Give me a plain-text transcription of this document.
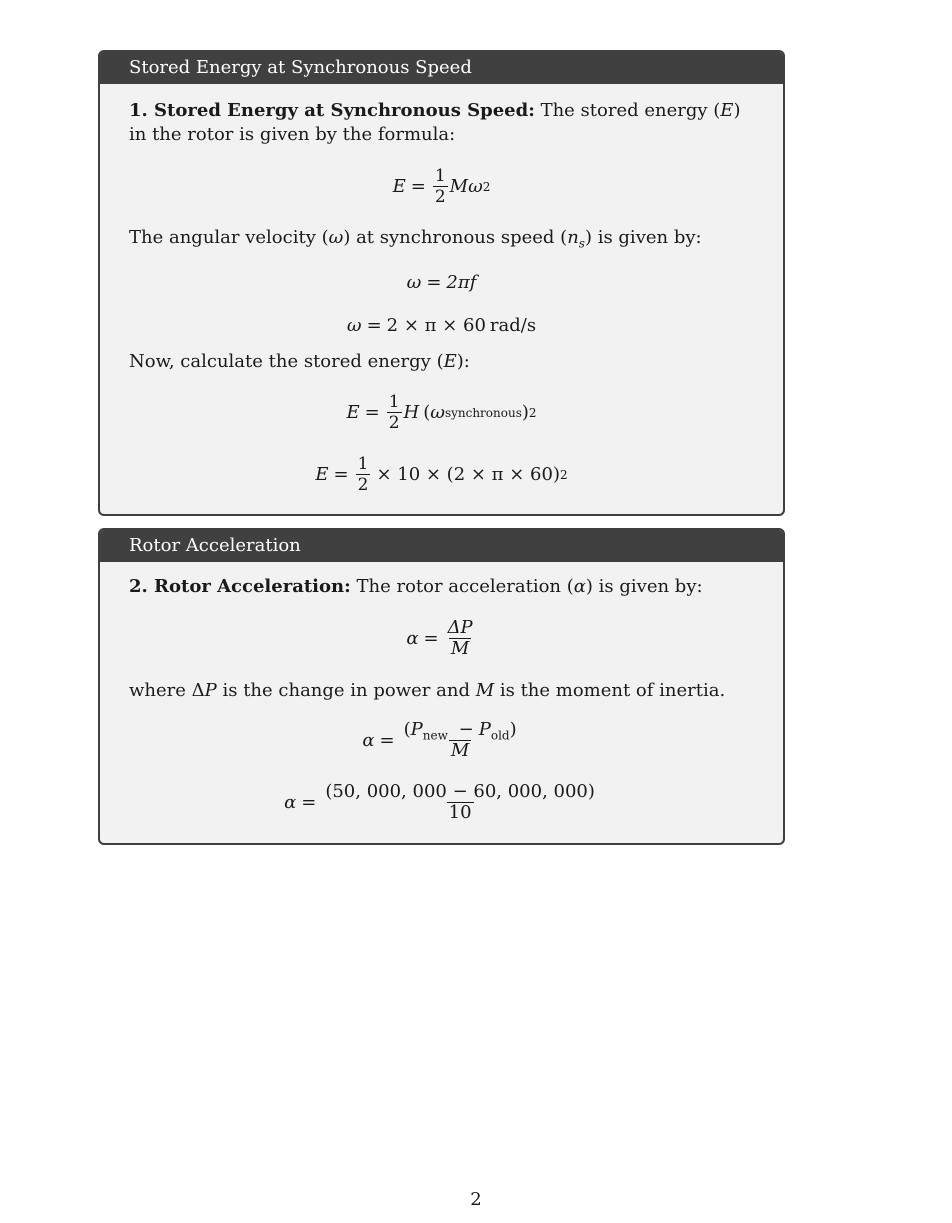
Stored Energy at Synchronous Speed

1. Stored Energy at Synchronous Speed: The stored energy (E)

in the rotor is given by the formula:

$E = \frac{1}{2}$ Mω 2

The angular velocity (ω) at synchronous speed $(n_s)$ is given by:

ω = 2πf
ω = 2 × π × 60 rad/s

Now, calculate the stored energy (E):

$E = \frac{1}{2}$ H ( ω synchronous ) 2
$E = \frac{1}{2} \times 10 \times (2 \times \pi \times 60)$ 2
Rotor Acceleration

2. Rotor Acceleration: The rotor acceleration (α) is given by:

$\alpha = \frac{\Delta P}{M}$

where ΔP is the change in power and M is the moment of inertia.

$\alpha = \frac{(P_{new} - P_{old})}{M}$
$\alpha = \frac{(50, 000, 000 - 60, 000, 000)}{10}$
2
